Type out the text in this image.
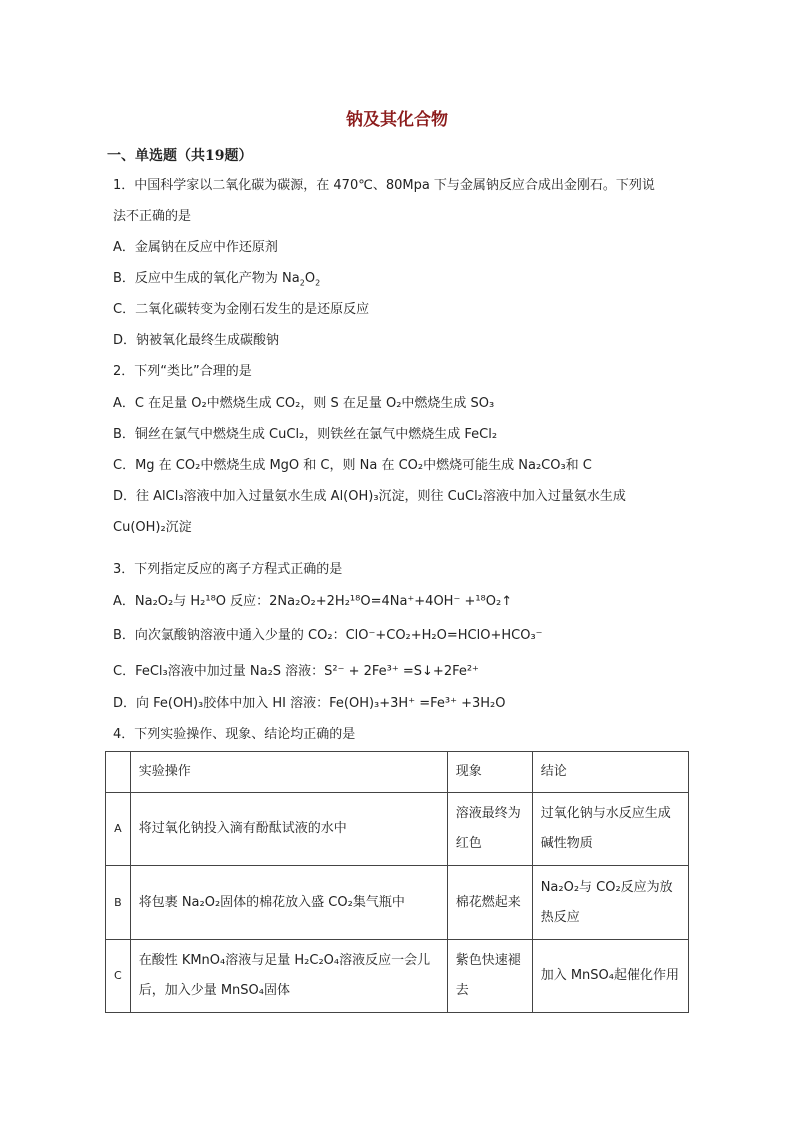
钠及其化合物
一、单选题（共19题）
1．中国科学家以二氧化碳为碳源，在 470℃、80Mpa 下与金属钠反应合成出金刚石。下列说
法不正确的是
A．金属钠在反应中作还原剂
B．反应中生成的氧化产物为 $Na_2O_2$
C．二氧化碳转变为金刚石发生的是还原反应
D．钠被氧化最终生成碳酸钠
2．下列“类比”合理的是
A．C 在足量 O₂中燃烧生成 CO₂，则 S 在足量 O₂中燃烧生成 SO₃
B．铜丝在氯气中燃烧生成 CuCl₂，则铁丝在氯气中燃烧生成 FeCl₂
C．Mg 在 CO₂中燃烧生成 MgO 和 C，则 Na 在 CO₂中燃烧可能生成 Na₂CO₃和 C
D．往 AlCl₃溶液中加入过量氨水生成 Al(OH)₃沉淀，则往 CuCl₂溶液中加入过量氨水生成
Cu(OH)₂沉淀
3．下列指定反应的离子方程式正确的是
A．Na₂O₂与 H₂¹⁸O 反应：2Na₂O₂+2H₂¹⁸O=4Na⁺+4OH⁻ +¹⁸O₂↑
B．向次氯酸钠溶液中通入少量的 CO₂：ClO⁻+CO₂+H₂O=HClO+HCO₃⁻
C．FeCl₃溶液中加过量 Na₂S 溶液：S²⁻ + 2Fe³⁺ =S↓+2Fe²⁺
D．向 Fe(OH)₃胶体中加入 HI 溶液：Fe(OH)₃+3H⁺ =Fe³⁺ +3H₂O
4．下列实验操作、现象、结论均正确的是
	实验操作	现象	结论
A	将过氧化钠投入滴有酚酞试液的水中	溶液最终为红色	过氧化钠与水反应生成碱性物质
B	将包裹 Na₂O₂固体的棉花放入盛 CO₂集气瓶中	棉花燃起来	Na₂O₂与 CO₂反应为放热反应
C	在酸性 KMnO₄溶液与足量 H₂C₂O₄溶液反应一会儿后，加入少量 MnSO₄固体	紫色快速褪去	加入 MnSO₄起催化作用
